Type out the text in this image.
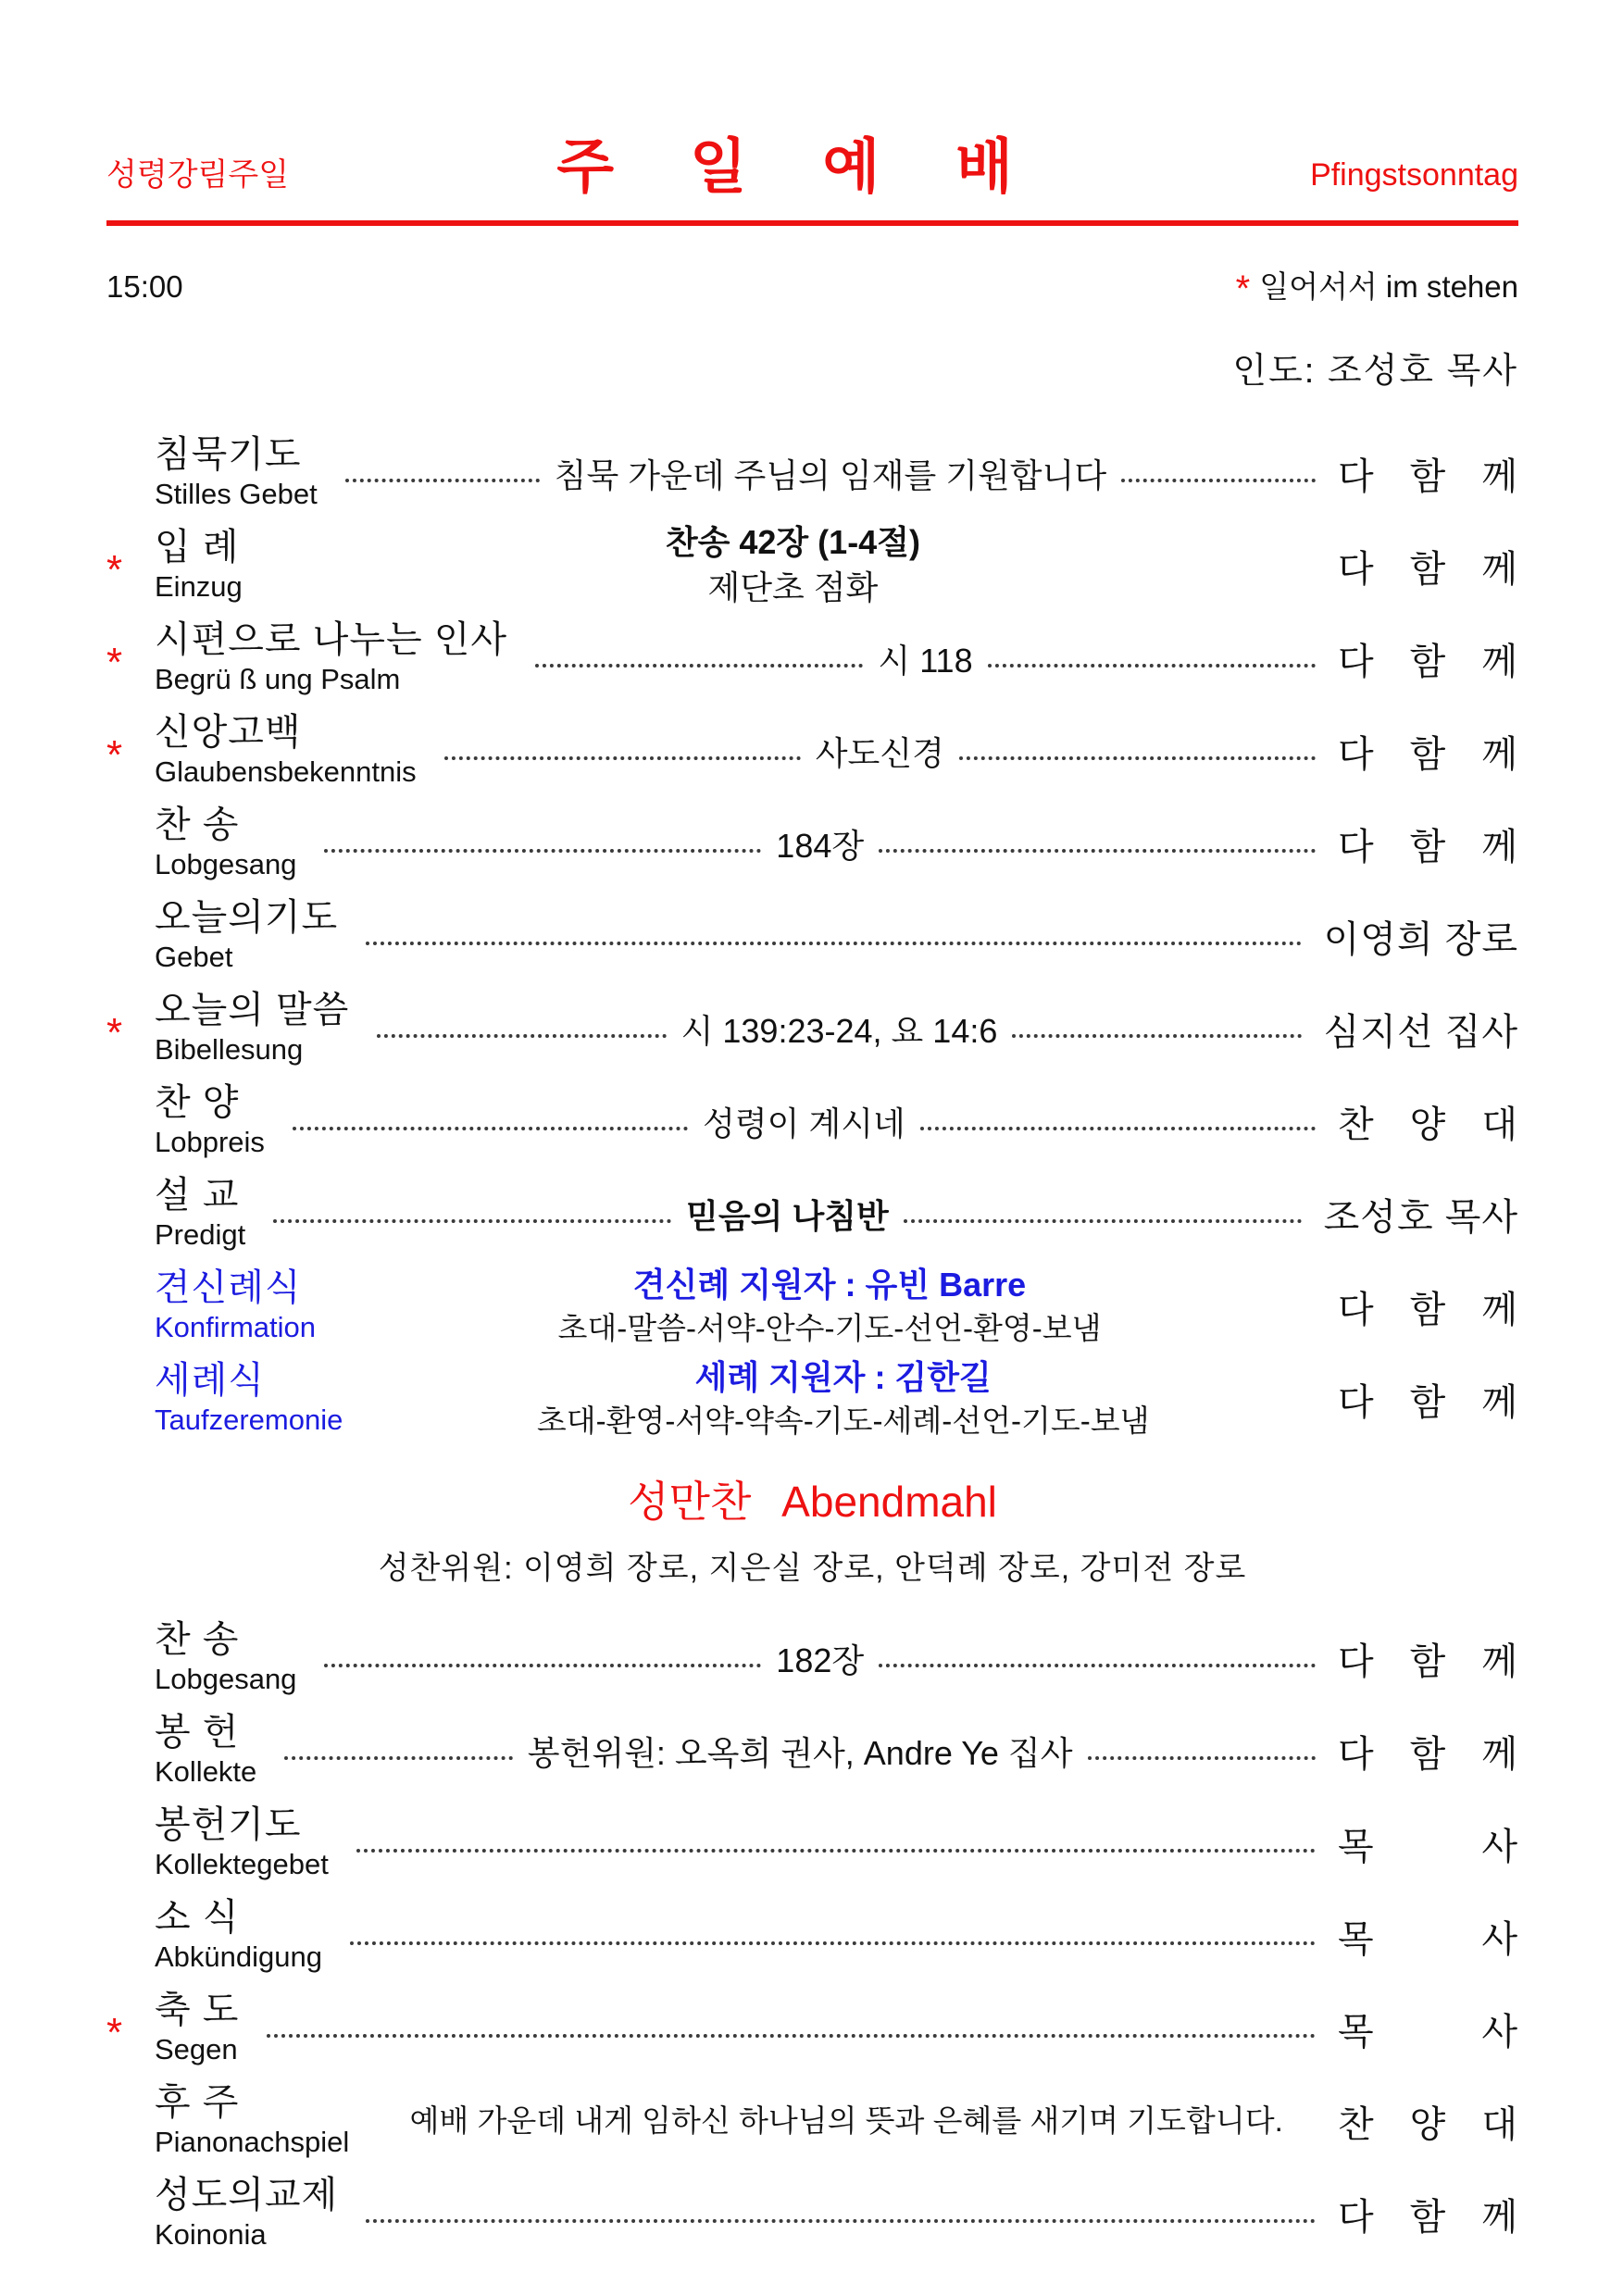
성령강림주일	주 일 예 배	Pfingstsonntag
15:00	* 일어서서 im stehen
인도: 조성호 목사
침묵기도
Stilles Gebet
침묵 가운데 주님의 임재를 기원합니다	다 함 께
* 입 례
Einzug
찬송 42장 (1-4절)
제단초 점화	다 함 께
* 시편으로 나누는 인사
Begrü ß ung Psalm
시 118	다 함 께
* 신앙고백
Glaubensbekenntnis
사도신경	다 함 께
찬 송
Lobgesang
184장	다 함 께
오늘의기도
Gebet	이영희 장로
* 오늘의 말씀
Bibellesung
시 139:23-24, 요 14:6	심지선 집사
찬 양
Lobpreis
성령이 계시네	찬 양 대
설 교
Predigt
믿음의 나침반	조성호 목사
견신례식
Konfirmation
견신례 지원자 : 유빈 Barre
초대-말씀-서약-안수-기도-선언-환영-보냄	다 함 께
세례식
Taufzeremonie
세례 지원자 : 김한길
초대-환영-서약-약속-기도-세례-선언-기도-보냄	다 함 께
성만찬 Abendmahl
성찬위원: 이영희 장로, 지은실 장로, 안덕례 장로, 강미전 장로
찬 송
Lobgesang
182장	다 함 께
봉 헌
Kollekte
봉헌위원: 오옥희 권사, Andre Ye 집사	다 함 께
봉헌기도
Kollektegebet	목 사
소 식
Abkündigung	목 사
* 축 도
Segen	목 사
후 주
Pianonachspiel
예배 가운데 내게 임하신 하나님의 뜻과 은혜를 새기며 기도합니다.	찬 양 대
성도의교제
Koinonia	다 함 께
